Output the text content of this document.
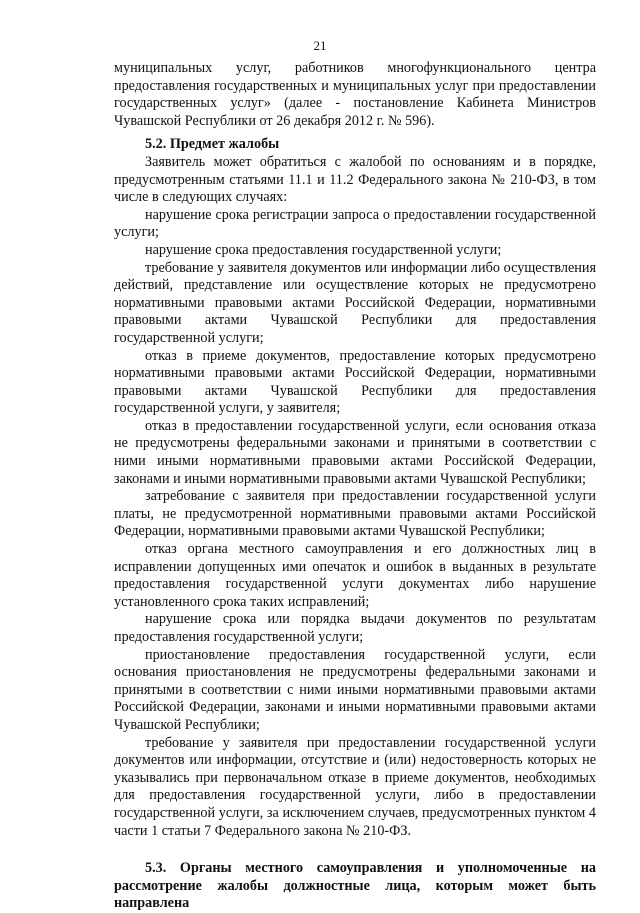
21

муниципальных услуг, работников многофункционального центра предоставления государственных и муниципальных услуг при предоставлении государственных услуг» (далее - постановление Кабинета Министров Чувашской Республики от 26 декабря 2012 г. № 596).

5.2. Предмет жалобы

Заявитель может обратиться с жалобой по основаниям и в порядке, предусмотренным статьями 11.1 и 11.2 Федерального закона № 210-ФЗ, в том числе в следующих случаях:

нарушение срока регистрации запроса о предоставлении государственной услуги;

нарушение срока предоставления государственной услуги;

требование у заявителя документов или информации либо осуществления действий, представление или осуществление которых не предусмотрено нормативными правовыми актами Российской Федерации, нормативными правовыми актами Чувашской Республики для предоставления государственной услуги;

отказ в приеме документов, предоставление которых предусмотрено нормативными правовыми актами Российской Федерации, нормативными правовыми актами Чувашской Республики для предоставления государственной услуги, у заявителя;

отказ в предоставлении государственной услуги, если основания отказа не предусмотрены федеральными законами и принятыми в соответствии с ними иными нормативными правовыми актами Российской Федерации, законами и иными нормативными правовыми актами Чувашской Республики;

затребование с заявителя при предоставлении государственной услуги платы, не предусмотренной нормативными правовыми актами Российской Федерации, нормативными правовыми актами Чувашской Республики;

отказ органа местного самоуправления и его должностных лиц в исправлении допущенных ими опечаток и ошибок в выданных в результате предоставления государственной услуги документах либо нарушение установленного срока таких исправлений;

нарушение срока или порядка выдачи документов по результатам предоставления государственной услуги;

приостановление предоставления государственной услуги, если основания приостановления не предусмотрены федеральными законами и принятыми в соответствии с ними иными нормативными правовыми актами Российской Федерации, законами и иными нормативными правовыми актами Чувашской Республики;

требование у заявителя при предоставлении государственной услуги документов или информации, отсутствие и (или) недостоверность которых не указывались при первоначальном отказе в приеме документов, необходимых для предоставления государственной услуги, либо в предоставлении государственной услуги, за исключением случаев, предусмотренных пунктом 4 части 1 статьи 7 Федерального закона № 210-ФЗ.

5.3. Органы местного самоуправления и уполномоченные на рассмотрение жалобы должностные лица, которым может быть направлена
